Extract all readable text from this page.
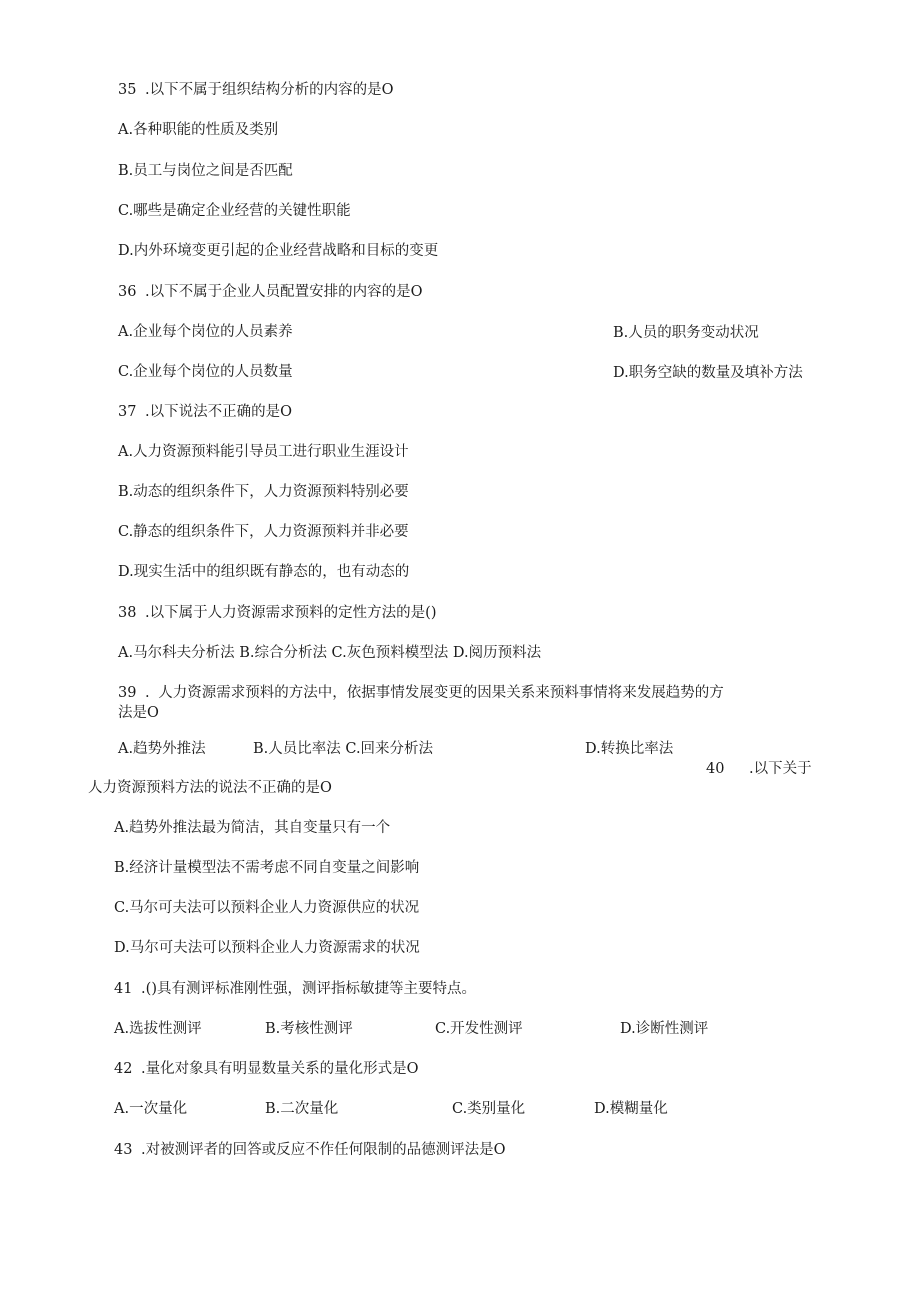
35 .以下不属于组织结构分析的内容的是O
A.各种职能的性质及类别
B.员工与岗位之间是否匹配
C.哪些是确定企业经营的关键性职能
D.内外环境变更引起的企业经营战略和目标的变更
36 .以下不属于企业人员配置安排的内容的是O
A.企业每个岗位的人员素养	B.人员的职务变动状况
C.企业每个岗位的人员数量	D.职务空缺的数量及填补方法
37 .以下说法不正确的是O
A.人力资源预料能引导员工进行职业生涯设计
B.动态的组织条件下，人力资源预料特别必要
C.静态的组织条件下，人力资源预料并非必要
D.现实生活中的组织既有静态的，也有动态的
38 .以下属于人力资源需求预料的定性方法的是()
A.马尔科夫分析法 B.综合分析法 C.灰色预料模型法 D.阅历预料法
39 . 人力资源需求预料的方法中，依据事情发展变更的因果关系来预料事情将来发展趋势的方
法是O
A.趋势外推法	B.人员比率法 C.回来分析法	D.转换比率法
40 .以下关于
人力资源预料方法的说法不正确的是O
A.趋势外推法最为简洁，其自变量只有一个
B.经济计量模型法不需考虑不同自变量之间影响
C.马尔可夫法可以预料企业人力资源供应的状况
D.马尔可夫法可以预料企业人力资源需求的状况
41 .()具有测评标准刚性强，测评指标敏捷等主要特点。
A.选拔性测评	B.考核性测评	C.开发性测评	D.诊断性测评
42 .量化对象具有明显数量关系的量化形式是O
A.一次量化	B.二次量化	C.类别量化	D.模糊量化
43 .对被测评者的回答或反应不作任何限制的品德测评法是O
